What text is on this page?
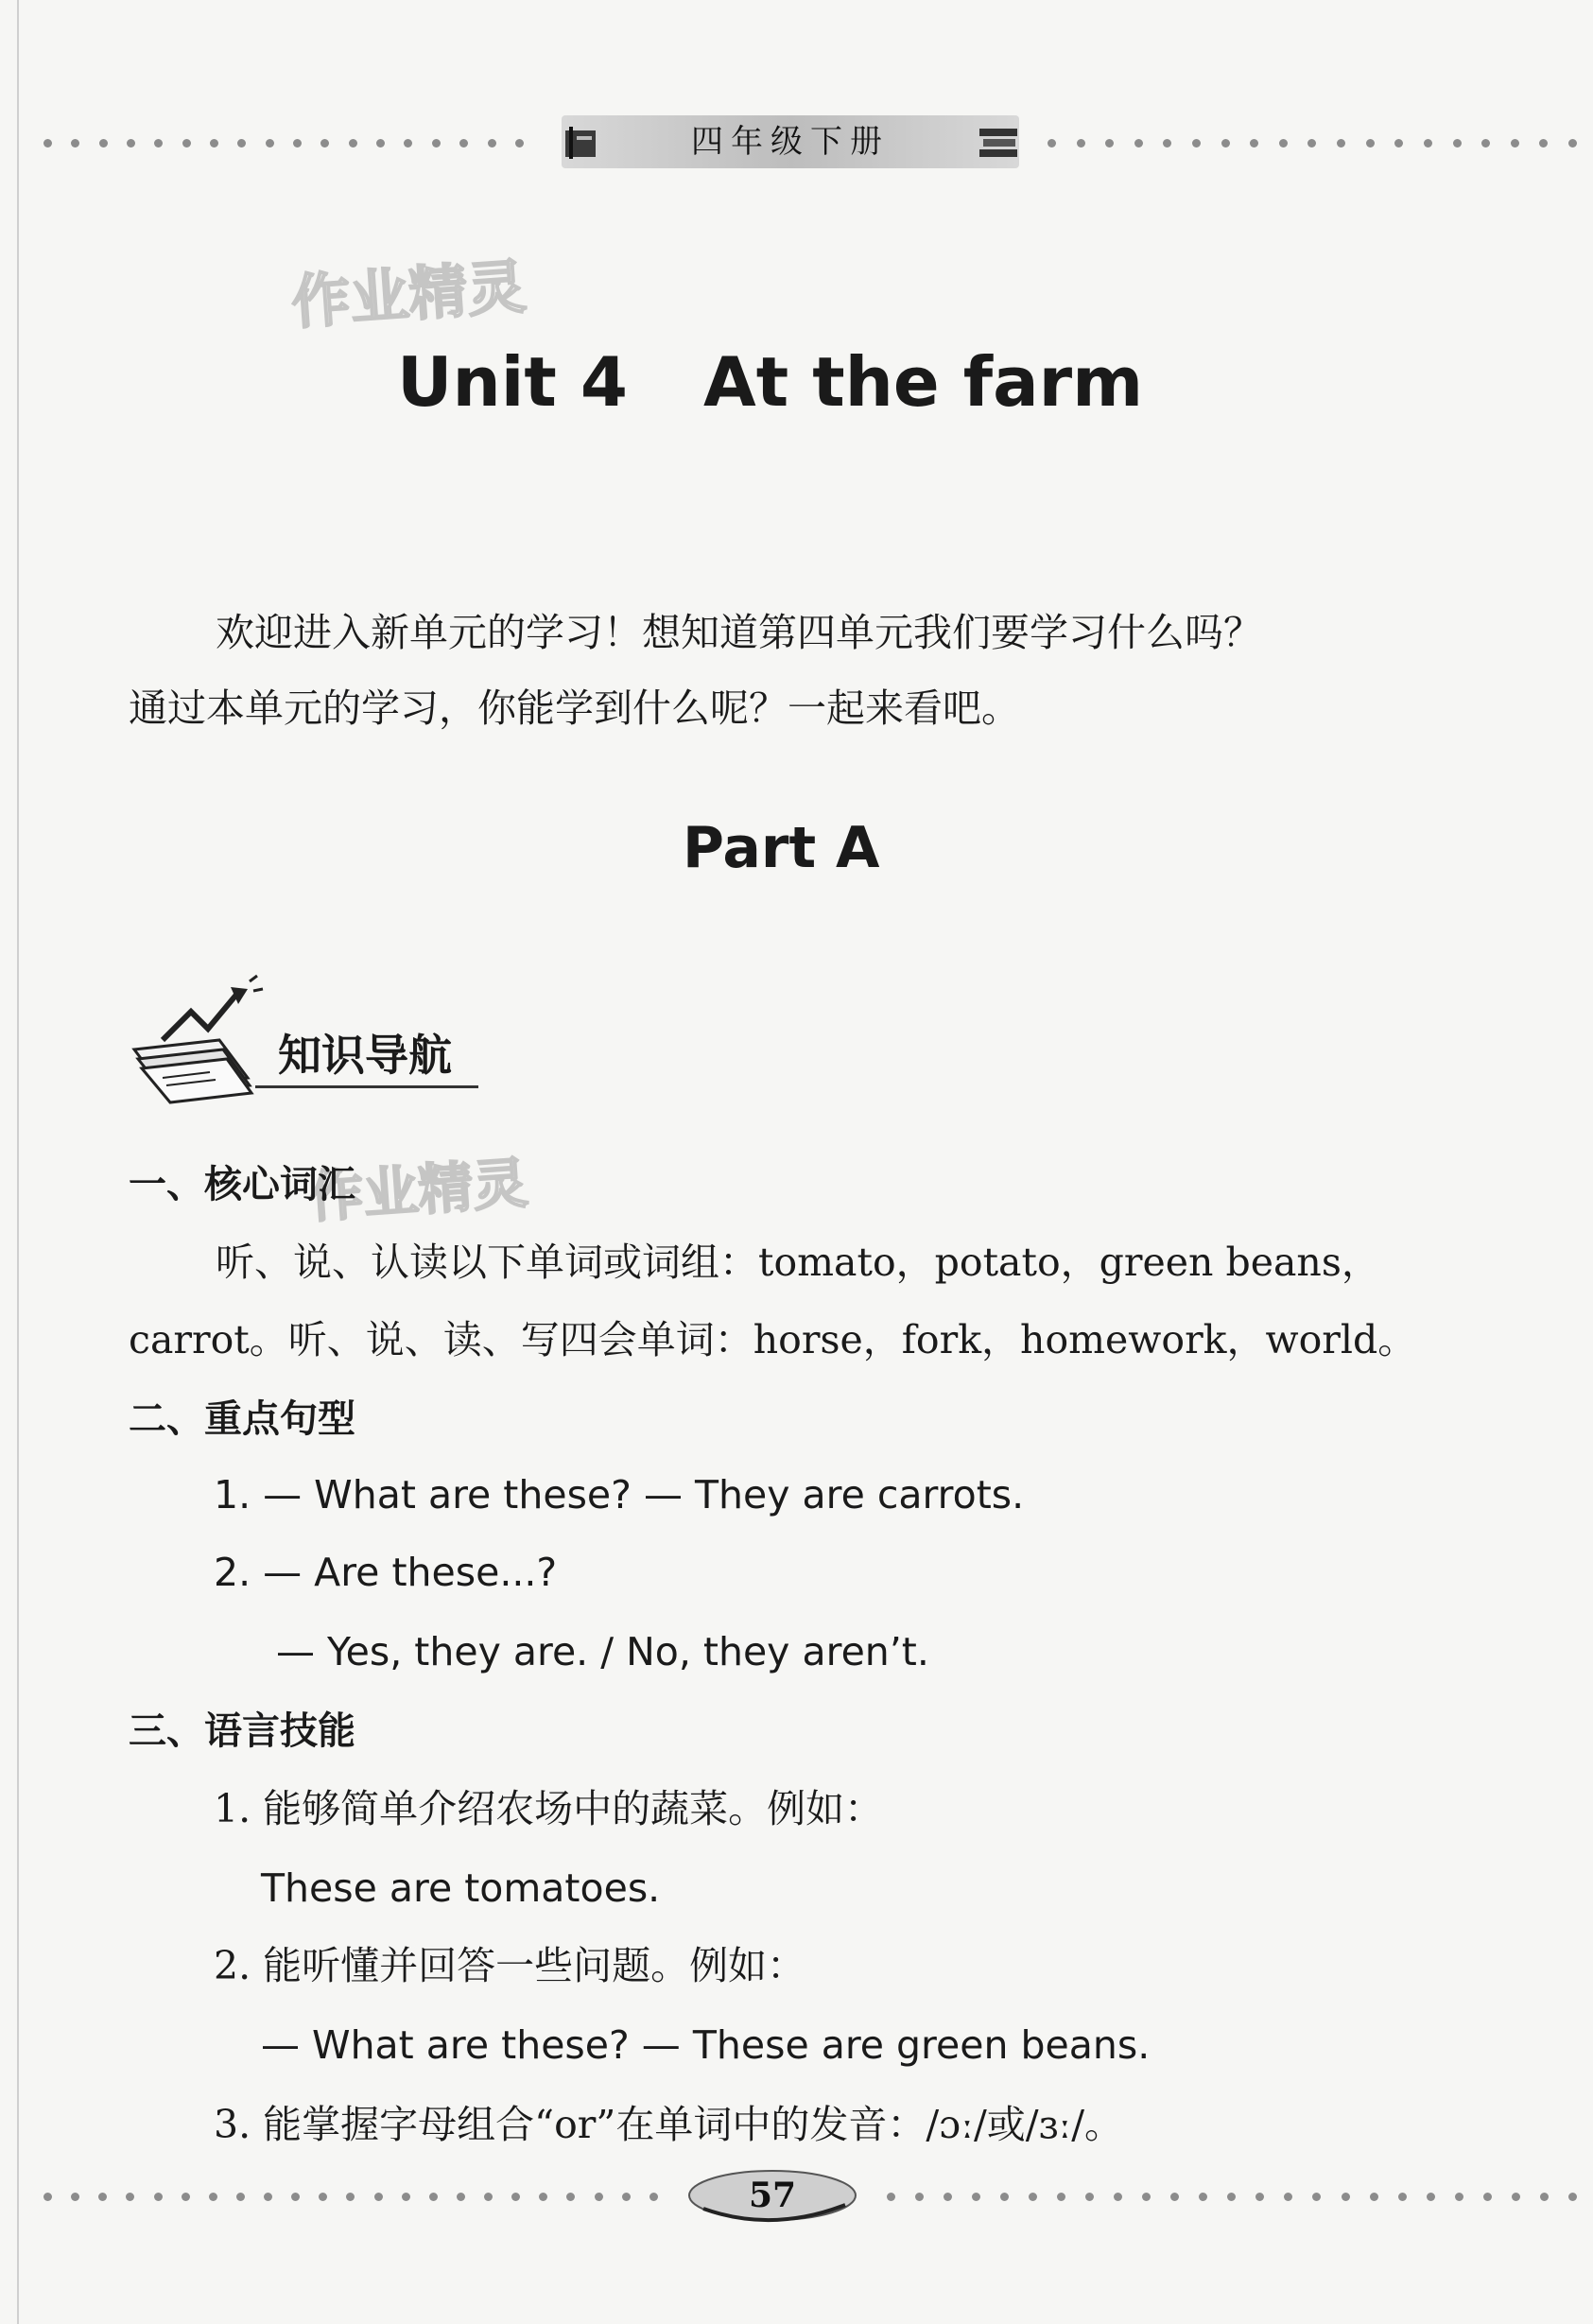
四年级下册
作业精灵
作业精灵
Unit 4 At the farm
欢迎进入新单元的学习！想知道第四单元我们要学习什么吗？
通过本单元的学习，你能学到什么呢？一起来看吧。
Part A
知识导航
一、核心词汇
听、说、认读以下单词或词组：tomato，potato，green beans，
carrot。听、说、读、写四会单词：horse，fork，homework，world。
二、重点句型
1. — What are these? — They are carrots.
2. — Are these...?
— Yes, they are. / No, they aren’t.
三、语言技能
1. 能够简单介绍农场中的蔬菜。例如：
These are tomatoes.
2. 能听懂并回答一些问题。例如：
— What are these? — These are green beans.
3. 能掌握字母组合“or”在单词中的发音：/ɔː/或/ɜː/。
57
